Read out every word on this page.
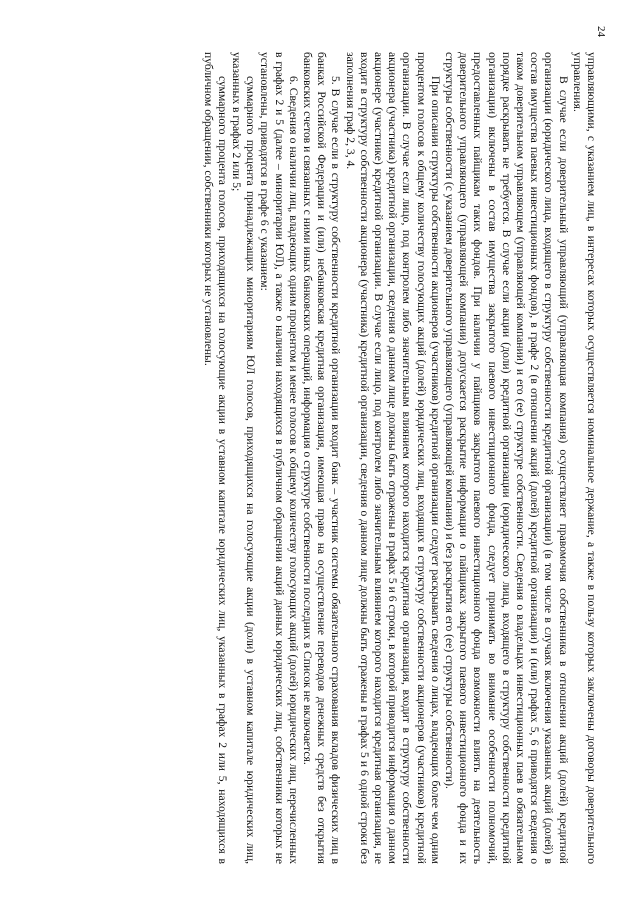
24

управляющими, с указанием лиц, в интересах которых осуществляется номинальное держание, а также в пользу которых заключены договоры доверительного управления.

В случае если доверительный управляющий (управляющая компания) осуществляет правомочия собственника в отношении акций (долей) кредитной организации (юридического лица, входящего в структуру собственности кредитной организации) (в том числе в случаях включения указанных акций (долей) в состав имущества паевых инвестиционных фондов), в графе 2 (в отношении акций (долей) кредитной организации) и (или) графах 5, 6 приводятся сведения о таком доверительном управляющем (управляющей компании) и его (ее) структуре собственности. Сведения о владельцах инвестиционных паев в обязательном порядке раскрывать не требуется. В случае если акции (доли) кредитной организации (юридического лица, входящего в структуру собственности кредитной организации) включены в состав имущества закрытого паевого инвестиционного фонда, следует принимать во внимание особенности полномочий, предоставленных пайщикам таких фондов. При наличии у пайщиков закрытого паевого инвестиционного фонда возможности влиять на деятельность доверительного управляющего (управляющей компании) допускается раскрытие информации о пайщиках закрытого паевого инвестиционного фонда и их структуры собственности (с указанием доверительного управляющего (управляющей компании) и без раскрытия его (ее) структуры собственности).

При описании структуры собственности акционеров (участников) кредитной организации следует раскрывать сведения о лицах, владеющих более чем одним процентом голосов к общему количеству голосующих акций (долей) юридических лиц, входящих в структуру собственности акционеров (участников) кредитной организации. В случае если лицо, под контролем либо значительным влиянием которого находится кредитная организация, входит в структуру собственности акционера (участника) кредитной организации, сведения о данном лице должны быть отражены в графах 5 и 6 строки, в которой приводится информация о данном акционере (участнике) кредитной организации. В случае если лицо, под контролем либо значительным влиянием которого находится кредитная организация, не входит в структуру собственности акционера (участника) кредитной организации, сведения о данном лице должны быть отражены в графах 5 и 6 одной строки без заполнения граф 2, 3, 4.

5. В случае если в структуру собственности кредитной организации входит банк – участник системы обязательного страхования вкладов физических лиц в банках Российской Федерации и (или) небанковская кредитная организация, имеющая право на осуществление переводов денежных средств без открытия банковских счетов и связанных с ними иных банковских операций, информация о структуре собственности последних в Список не включается.

6. Сведения о наличии лиц, владеющих одним процентом и менее голосов к общему количеству голосующих акций (долей) юридических лиц, перечисленных в графах 2 и 5 (далее – миноритарии ЮЛ), а также о наличии находящихся в публичном обращении акций данных юридических лиц, собственники которых не установлены, приводятся в графе 6 с указанием:

суммарного процента принадлежащих миноритариям ЮЛ голосов, приходящихся на голосующие акции (доли) в уставном капитале юридических лиц, указанных в графах 2 или 5;

суммарного процента голосов, приходящихся на голосующие акции в уставном капитале юридических лиц, указанных в графах 2 или 5, находящихся в публичном обращении, собственники которых не установлены.
